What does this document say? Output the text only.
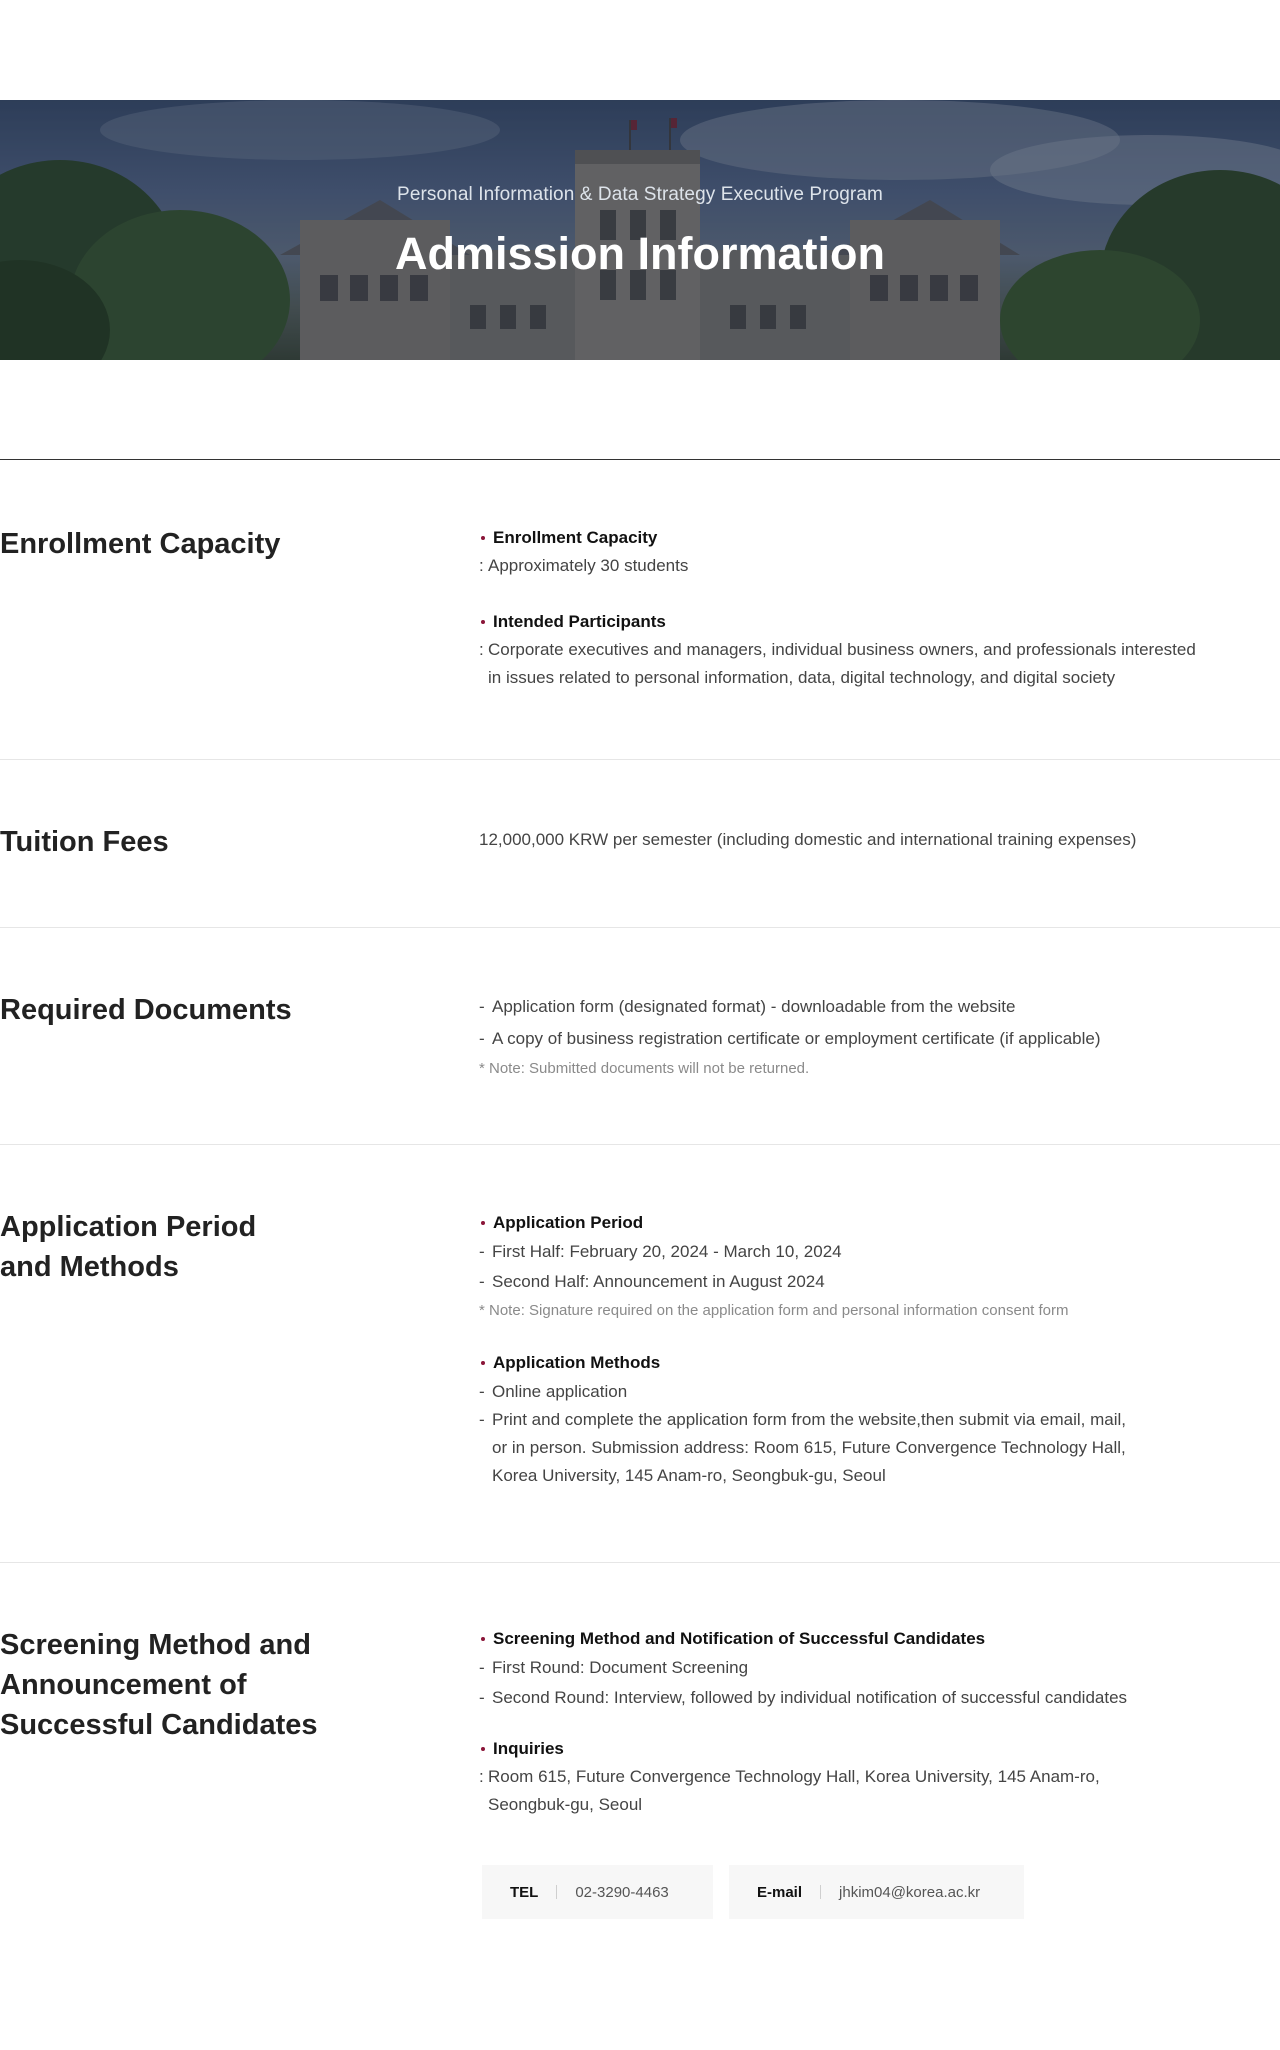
Personal Information & Data Strategy Executive Program
Admission Information
Enrollment Capacity	Enrollment Capacity
: Approximately 30 students
Intended Participants
: Corporate executives and managers, individual business owners, and professionals interested
in issues related to personal information, data, digital technology, and digital society
Tuition Fees	12,000,000 KRW per semester (including domestic and international training expenses)
Required Documents
-	Application form (designated format) - downloadable from the website
- A copy of business registration certificate or employment certificate (if applicable)
* Note: Submitted documents will not be returned.
Application Period
and Methods
Application Period
- First Half: February 20, 2024 - March 10, 2024
- Second Half: Announcement in August 2024
* Note: Signature required on the application form and personal information consent form
Application Methods
- Online application
- Print and complete the application form from the website,then submit via email, mail,
or in person. Submission address: Room 615, Future Convergence Technology Hall,
Korea University, 145 Anam-ro, Seongbuk-gu, Seoul
Screening Method and
Announcement of
Successful Candidates
Screening Method and Notification of Successful Candidates
- First Round: Document Screening
- Second Round: Interview, followed by individual notification of successful candidates
Inquiries
: Room 615, Future Convergence Technology Hall, Korea University, 145 Anam-ro,
Seongbuk-gu, Seoul
TEL 02-3290-4463	E-mail jhkim04@korea.ac.kr
